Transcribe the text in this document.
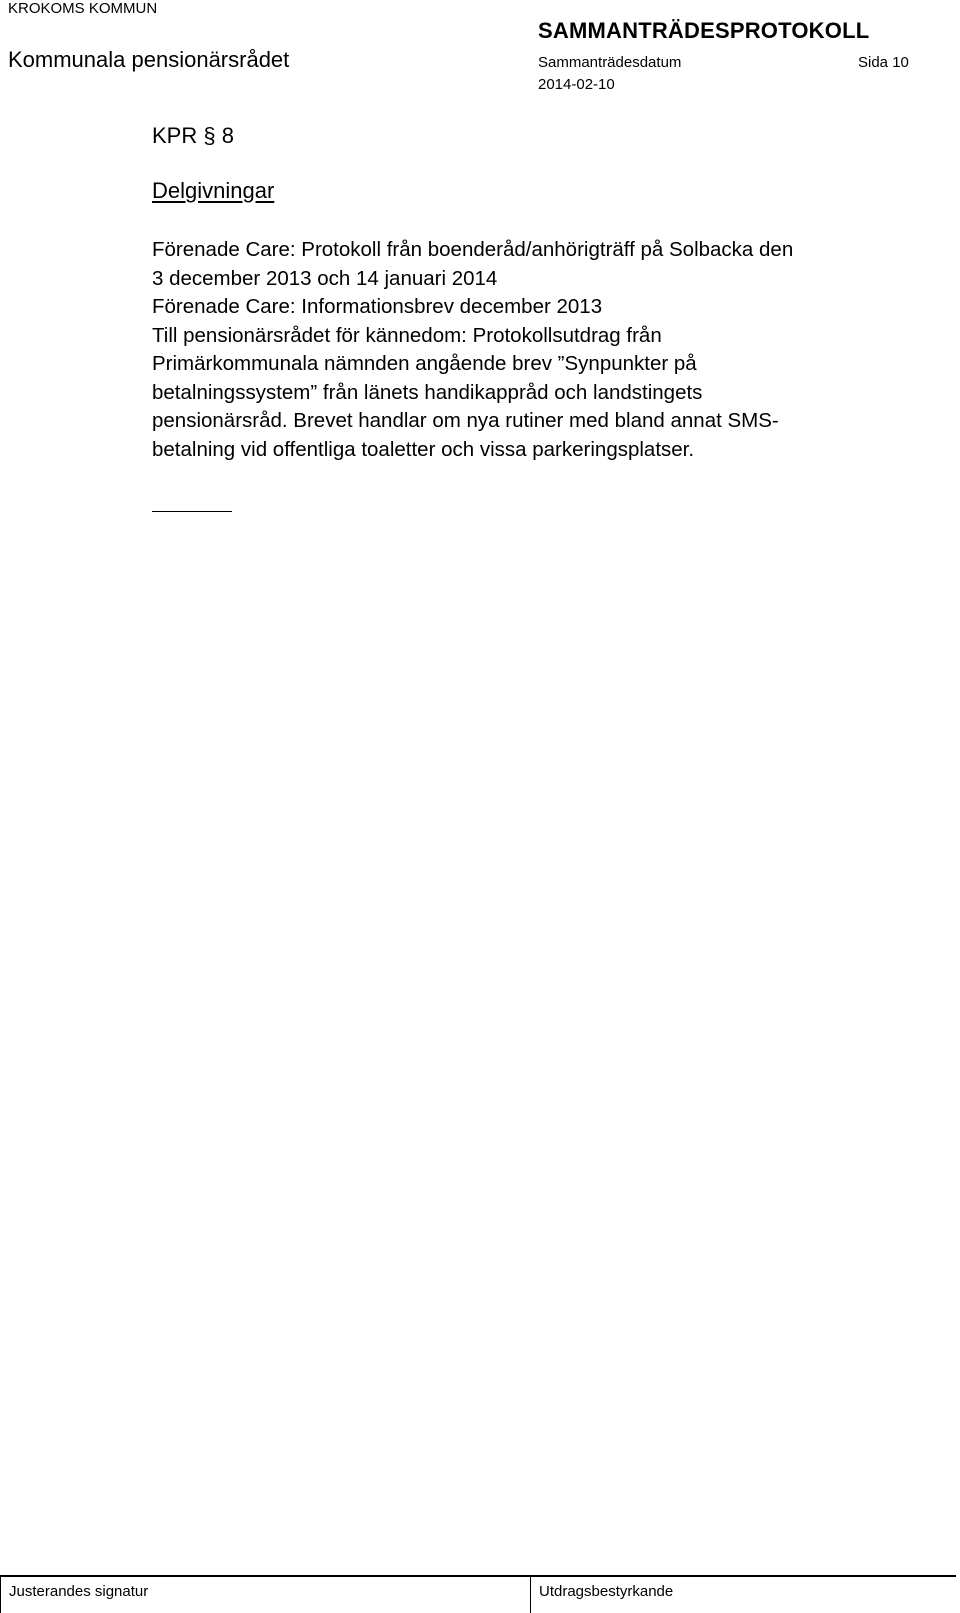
KROKOMS KOMMUN
Kommunala pensionärsrådet
SAMMANTRÄDESPROTOKOLL
Sammanträdesdatum	Sida 10
2014-02-10
KPR § 8
Delgivningar
Förenade Care: Protokoll från boenderåd/anhörigträff på Solbacka den
3 december 2013 och 14 januari 2014
Förenade Care: Informationsbrev december 2013
Till pensionärsrådet för kännedom: Protokollsutdrag från
Primärkommunala nämnden angående brev ”Synpunkter på
betalningssystem” från länets handikappråd och landstingets
pensionärsråd. Brevet handlar om nya rutiner med bland annat SMS-
betalning vid offentliga toaletter och vissa parkeringsplatser.
Justerandes signatur	Utdragsbestyrkande
